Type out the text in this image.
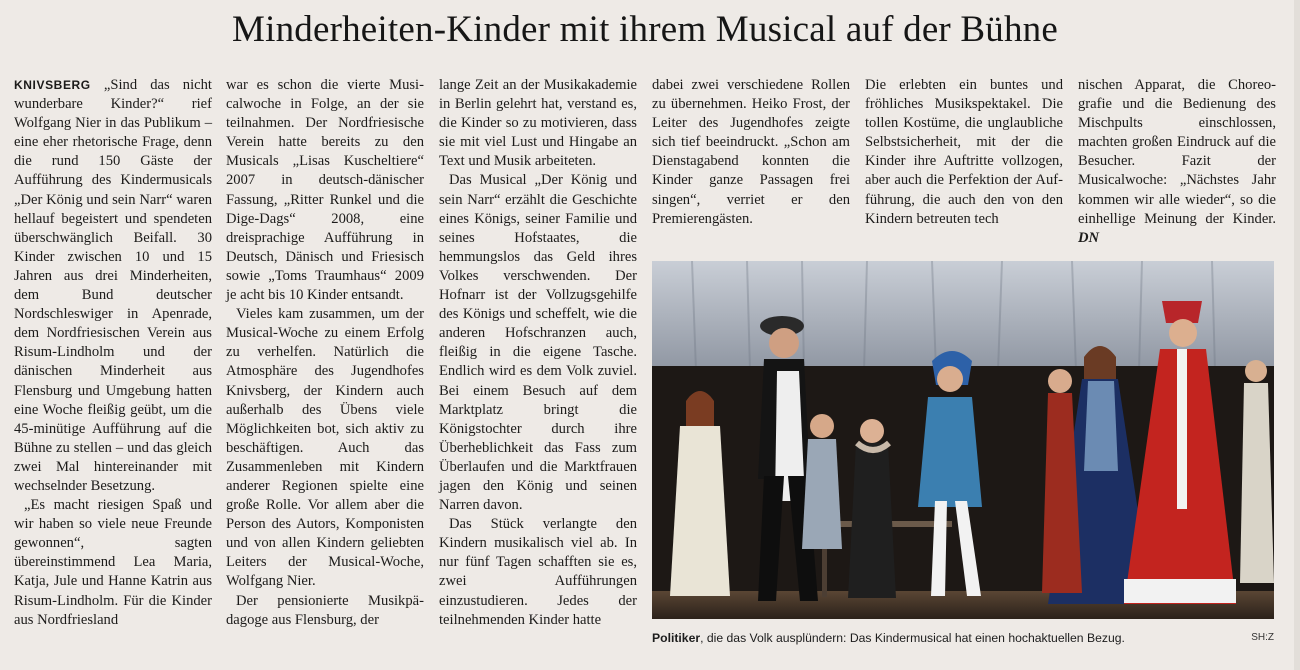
Minderheiten-Kinder mit ihrem Musical auf der Bühne

KNIVSBERG „Sind das nicht wunderbare Kinder?“ rief Wolfgang Nier in das Publikum – eine eher rhetorische Frage, denn die rund 150 Gäste der Aufführung des Kindermusicals „Der König und sein Narr“ waren hellauf begeistert und spendeten überschwänglich Beifall. 30 Kinder zwischen 10 und 15 Jahren aus drei Minderheiten, dem Bund deutscher Nordschleswiger in Apenrade, dem Nordfriesischen Verein aus Risum-Lindholm und der dänischen Minderheit aus Flensburg und Umgebung hatten eine Woche fleißig geübt, um die 45-minütige Aufführung auf die Bühne zu stellen – und das gleich zwei Mal hintereinander mit wechselnder Besetzung.

„Es macht riesigen Spaß und wir haben so viele neue Freunde gewonnen“, sagten übereinstimmend Lea Maria, Katja, Jule und Hanne Katrin aus Risum-Lindholm. Für die Kinder aus Nordfriesland

war es schon die vierte Musicalwoche in Folge, an der sie teilnahmen. Der Nordfriesische Verein hatte bereits zu den Musicals „Lisas Kuscheltiere“ 2007 in deutsch-dänischer Fassung, „Ritter Runkel und die Dige-Dags“ 2008, eine dreisprachige Aufführung in Deutsch, Dänisch und Friesisch sowie „Toms Traumhaus“ 2009 je acht bis 10 Kinder entsandt.

Vieles kam zusammen, um der Musical-Woche zu einem Erfolg zu verhelfen. Natürlich die Atmosphäre des Jugendhofes Knivsberg, der Kindern auch außerhalb des Übens viele Möglichkeiten bot, sich aktiv zu beschäftigen. Auch das Zusammenleben mit Kindern anderer Regionen spielte eine große Rolle. Vor allem aber die Person des Autors, Komponisten und von allen Kindern geliebten Leiters der Musical-Woche, Wolfgang Nier.

Der pensionierte Musikpädagoge aus Flensburg, der

lange Zeit an der Musikakademie in Berlin gelehrt hat, verstand es, die Kinder so zu motivieren, dass sie mit viel Lust und Hingabe an Text und Musik arbeiteten.

Das Musical „Der König und sein Narr“ erzählt die Geschichte eines Königs, seiner Familie und seines Hofstaates, die hemmungslos das Geld ihres Volkes verschwenden. Der Hofnarr ist der Vollzugsgehilfe des Königs und scheffelt, wie die anderen Hofschranzen auch, fleißig in die eigene Tasche. Endlich wird es dem Volk zuviel. Bei einem Besuch auf dem Marktplatz bringt die Königstochter durch ihre Überheblichkeit das Fass zum Überlaufen und die Marktfrauen jagen den König und seinen Narren davon.

Das Stück verlangte den Kindern musikalisch viel ab. In nur fünf Tagen schafften sie es, zwei Aufführungen einzustudieren. Jedes der teilnehmenden Kinder hatte

dabei zwei verschiedene Rollen zu übernehmen. Heiko Frost, der Leiter des Jugendhofes zeigte sich tief beeindruckt. „Schon am Dienstagabend konnten die Kinder ganze Passagen frei singen“, verriet er den Premierengästen.

Die erlebten ein buntes und fröhliches Musikspektakel. Die tollen Kostüme, die unglaubliche Selbstsicherheit, mit der die Kinder ihre Auftritte vollzogen, aber auch die Perfektion der Aufführung, die auch den von den Kindern betreuten tech

nischen Apparat, die Choreografie und die Bedienung des Mischpults einschlossen, machten großen Eindruck auf die Besucher. Fazit der Musicalwoche: „Nächstes Jahr kommen wir alle wieder“, so die einhellige Meinung der Kinder. DN

Politiker, die das Volk ausplündern: Das Kindermusical hat einen hochaktuellen Bezug.	SH:Z
